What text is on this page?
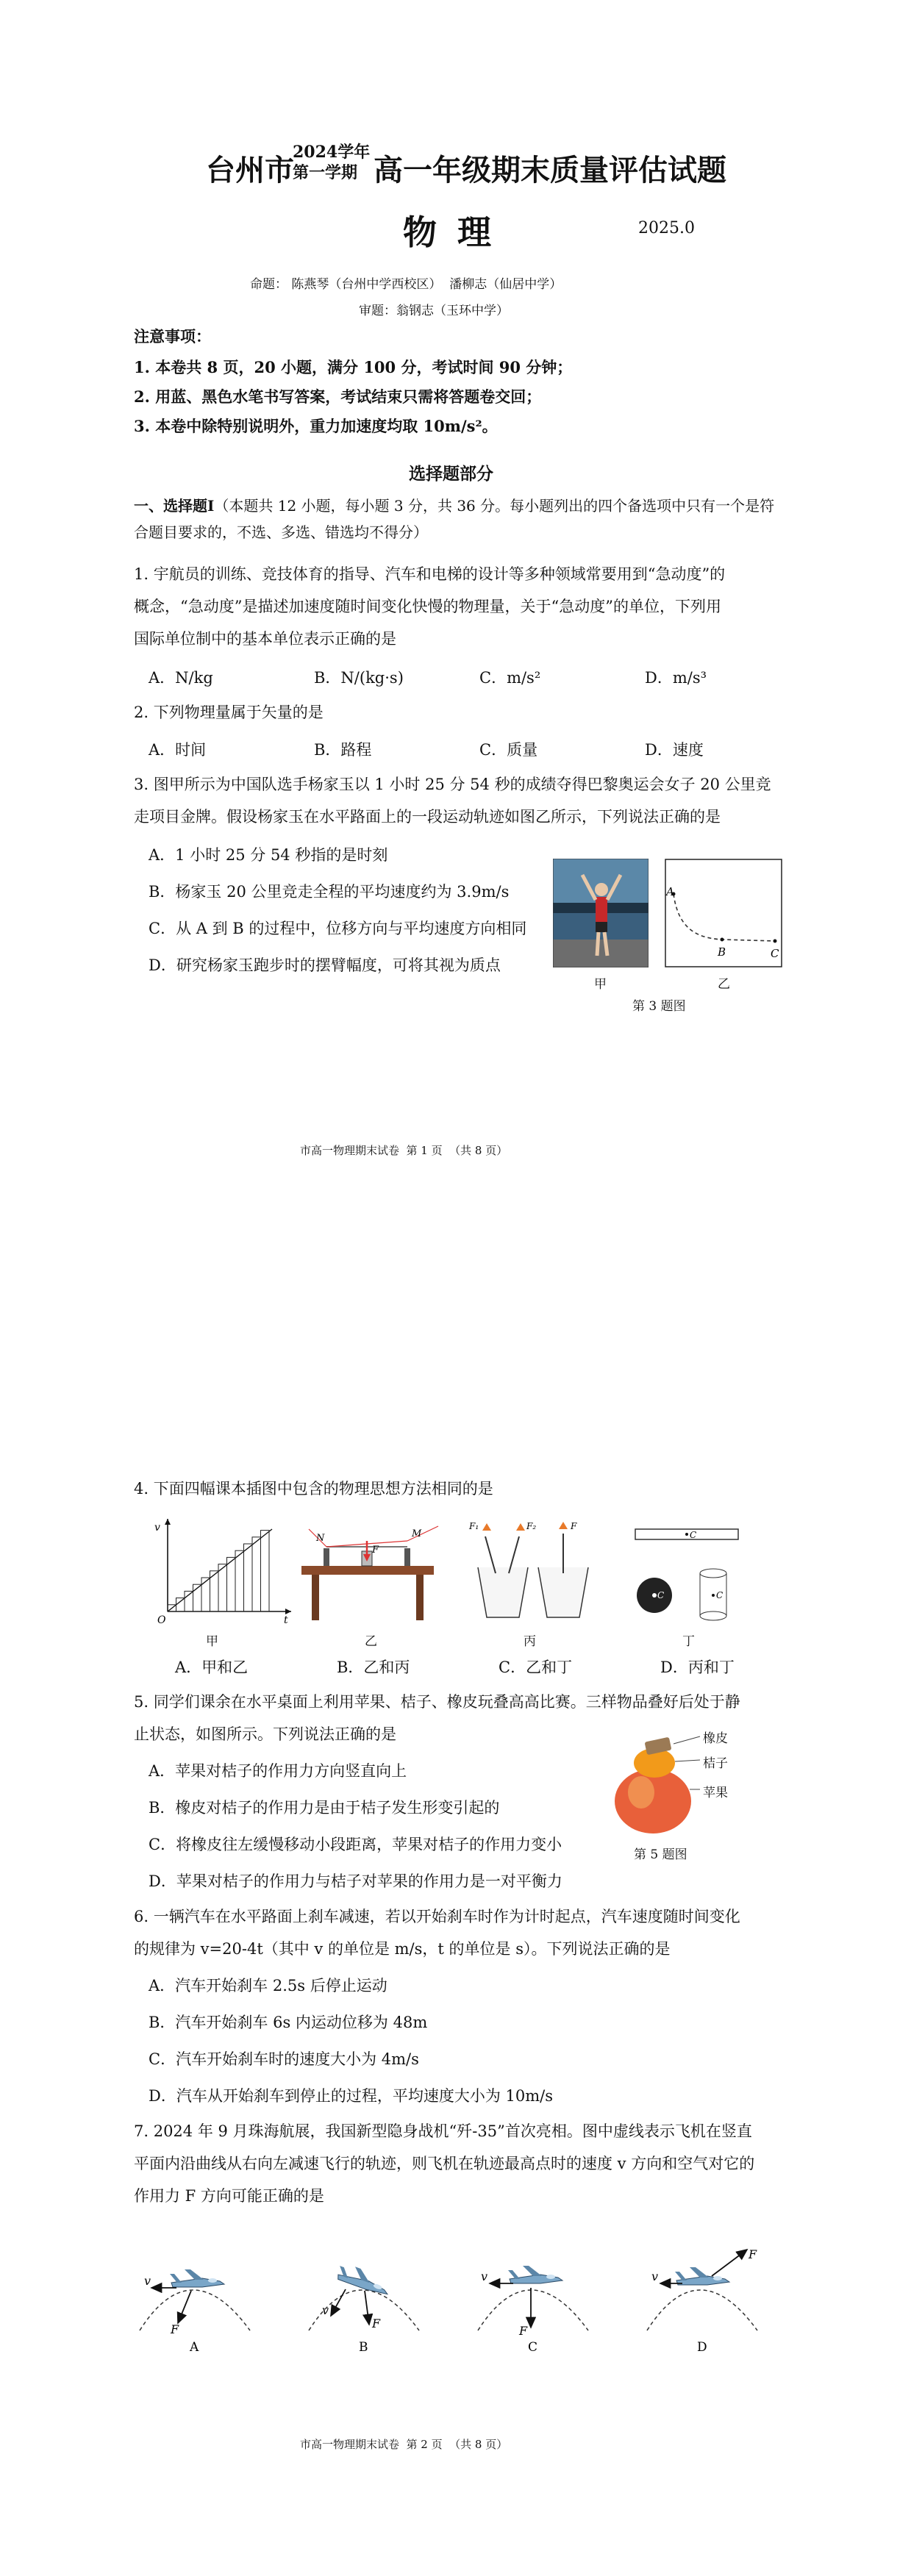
台州市
2024学年
第一学期 高一年级期末质量评估试题
物 理	2025.0
命题： 陈燕琴（台州中学西校区）  潘柳志（仙居中学）
审题：翁钢志（玉环中学）
注意事项：
1. 本卷共 8 页，20 小题，满分 100 分，考试时间 90 分钟；
2. 用蓝、黑色水笔书写答案，考试结束只需将答题卷交回；
3. 本卷中除特别说明外，重力加速度均取 10m/s²。
选择题部分
一、选择题Ⅰ（本题共 12 小题，每小题 3 分，共 36 分。每小题列出的四个备选项中只有一个是符合题目要求的，不选、多选、错选均不得分）
1. 宇航员的训练、竞技体育的指导、汽车和电梯的设计等多种领域常要用到“急动度”的
概念，“急动度”是描述加速度随时间变化快慢的物理量，关于“急动度”的单位，下列用
国际单位制中的基本单位表示正确的是
A．N/kg	B．N/(kg·s)	C．m/s²	D．m/s³
2. 下列物理量属于矢量的是
A．时间	B．路程	C．质量	D．速度
3. 图甲所示为中国队选手杨家玉以 1 小时 25 分 54 秒的成绩夺得巴黎奥运会女子 20 公里竞
走项目金牌。假设杨家玉在水平路面上的一段运动轨迹如图乙所示，下列说法正确的是
A．1 小时 25 分 54 秒指的是时刻
B．杨家玉 20 公里竞走全程的平均速度约为 3.9m/s
C．从 A 到 B 的过程中，位移方向与平均速度方向相同
D．研究杨家玉跑步时的摆臂幅度，可将其视为质点
A
B	C
甲	乙
第 3 题图
市高一物理期末试卷  第 1 页  （共 8 页）
4. 下面四幅课本插图中包含的物理思想方法相同的是
v
t
O
N	M
F
F₁	F₂	F
C
C	C
甲	乙	丙	丁
A．甲和乙	B．乙和丙	C．乙和丁	D．丙和丁
5. 同学们课余在水平桌面上利用苹果、桔子、橡皮玩叠高高比赛。三样物品叠好后处于静
止状态，如图所示。下列说法正确的是
A．苹果对桔子的作用力方向竖直向上
B．橡皮对桔子的作用力是由于桔子发生形变引起的
C．将橡皮往左缓慢移动小段距离，苹果对桔子的作用力变小
D．苹果对桔子的作用力与桔子对苹果的作用力是一对平衡力
橡皮
桔子
苹果
第 5 题图
6. 一辆汽车在水平路面上刹车减速，若以开始刹车时作为计时起点，汽车速度随时间变化
的规律为 v=20-4t（其中 v 的单位是 m/s，t 的单位是 s）。下列说法正确的是
A．汽车开始刹车 2.5s 后停止运动
B．汽车开始刹车 6s 内运动位移为 48m
C．汽车开始刹车时的速度大小为 4m/s
D．汽车从开始刹车到停止的过程，平均速度大小为 10m/s
7. 2024 年 9 月珠海航展，我国新型隐身战机“歼-35”首次亮相。图中虚线表示飞机在竖直
平面内沿曲线从右向左减速飞行的轨迹，则飞机在轨迹最高点时的速度 v 方向和空气对它的
作用力 F 方向可能正确的是
v
F
A
v
F
B
v
F
C
v
F
D
市高一物理期末试卷  第 2 页  （共 8 页）
